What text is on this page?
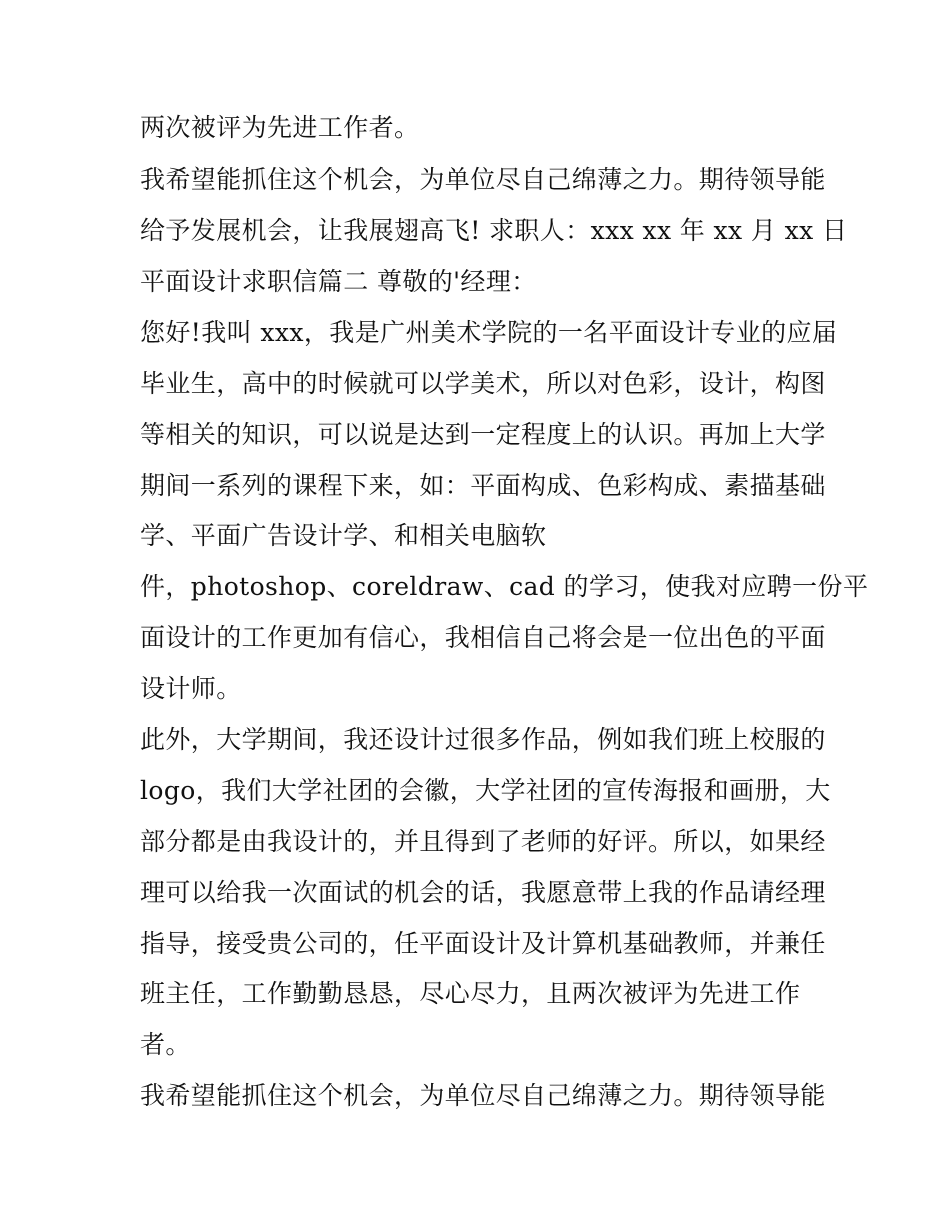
两次被评为先进工作者。
我希望能抓住这个机会，为单位尽自己绵薄之力。期待领导能
给予发展机会，让我展翅高飞! 求职人：xxx xx 年 xx 月 xx 日
平面设计求职信篇二 尊敬的'经理：
您好!我叫 xxx，我是广州美术学院的一名平面设计专业的应届
毕业生，高中的时候就可以学美术，所以对色彩，设计，构图
等相关的知识，可以说是达到一定程度上的认识。再加上大学
期间一系列的课程下来，如：平面构成、色彩构成、素描基础
学、平面广告设计学、和相关电脑软
件，photoshop、coreldraw、cad 的学习，使我对应聘一份平
面设计的工作更加有信心，我相信自己将会是一位出色的平面
设计师。
此外，大学期间，我还设计过很多作品，例如我们班上校服的
logo，我们大学社团的会徽，大学社团的宣传海报和画册，大
部分都是由我设计的，并且得到了老师的好评。所以，如果经
理可以给我一次面试的机会的话，我愿意带上我的作品请经理
指导，接受贵公司的，任平面设计及计算机基础教师，并兼任
班主任，工作勤勤恳恳，尽心尽力，且两次被评为先进工作
者。
我希望能抓住这个机会，为单位尽自己绵薄之力。期待领导能
